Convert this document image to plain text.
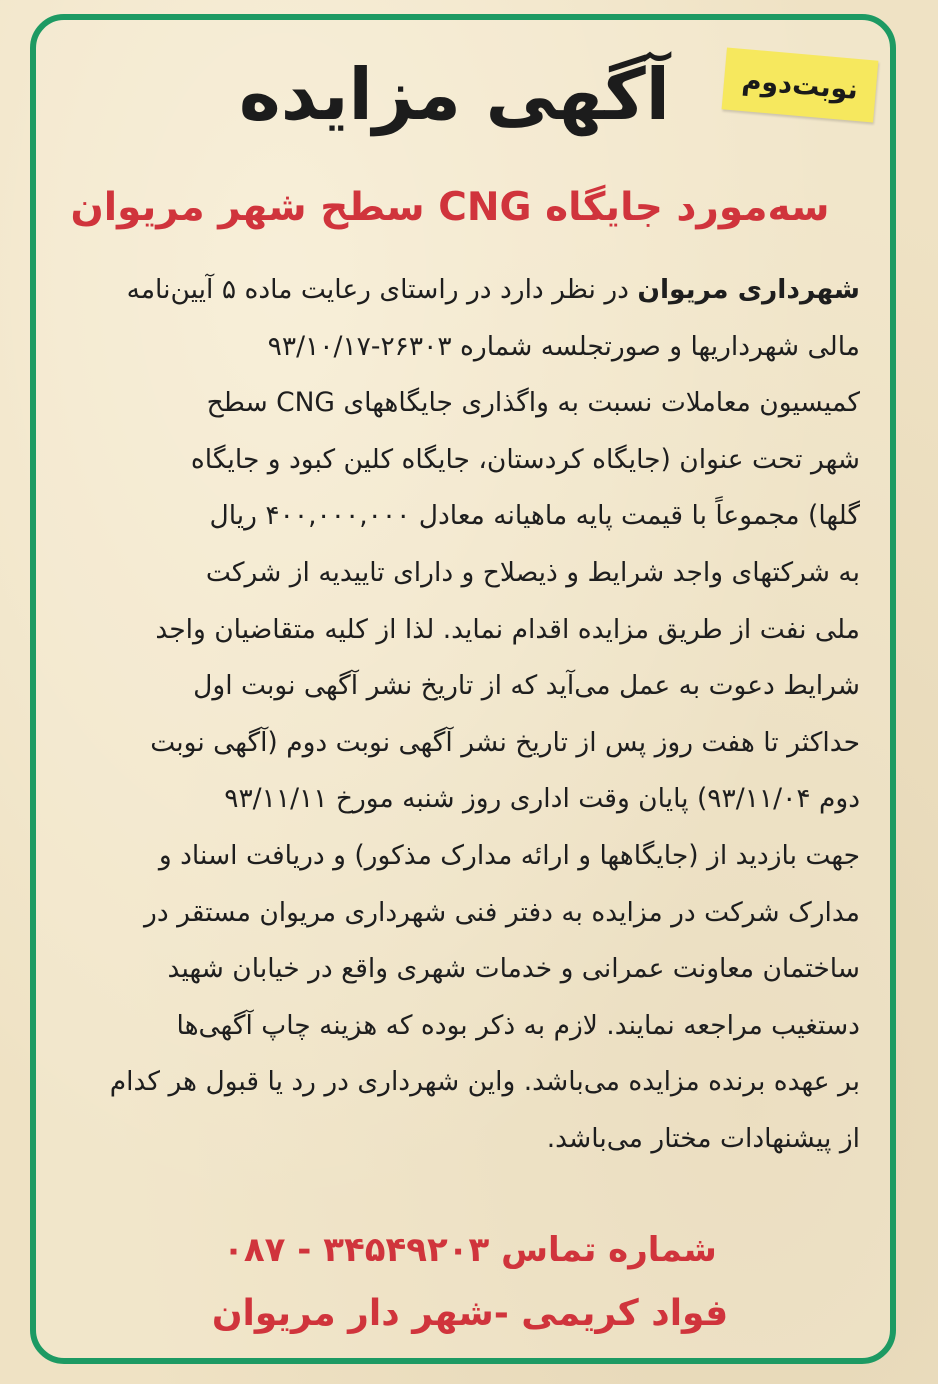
نوبت‌دوم
آگهی مزایده
سه‌مورد جایگاه CNG سطح شهر مریوان
شهرداری مریوان در نظر دارد در راستای رعایت ماده ۵ آیین‌نامه
مالی شهرداریها و صورتجلسه شماره ۲۶۳۰۳-۹۳/۱۰/۱۷
کمیسیون معاملات نسبت به واگذاری جایگاههای CNG سطح
شهر تحت عنوان (جایگاه کردستان، جایگاه کلین کبود و جایگاه
گلها) مجموعاً با قیمت پایه ماهیانه معادل ۴۰۰,۰۰۰,۰۰۰ ریال
به شرکتهای واجد شرایط و ذیصلاح و دارای تاییدیه از شرکت
ملی نفت از طریق مزایده اقدام نماید. لذا از کلیه متقاضیان واجد
شرایط دعوت به عمل می‌آید که از تاریخ نشر آگهی نوبت اول
حداکثر تا هفت روز پس از تاریخ نشر آگهی نوبت دوم (آگهی نوبت
دوم ۹۳/۱۱/۰۴) پایان وقت اداری روز شنبه مورخ ۹۳/۱۱/۱۱
جهت بازدید از (جایگاهها و ارائه مدارک مذکور) و دریافت اسناد و
مدارک شرکت در مزایده به دفتر فنی شهرداری مریوان مستقر در
ساختمان معاونت عمرانی و خدمات شهری واقع در خیابان شهید
دستغیب مراجعه نمایند. لازم به ذکر بوده که هزینه چاپ آگهی‌ها
بر عهده برنده مزایده می‌باشد. واین شهرداری در رد یا قبول هر کدام
از پیشنهادات مختار می‌باشد.
شماره تماس ۳۴۵۴۹۲۰۳ - ۰۸۷
فواد کریمی -شهر دار مریوان
